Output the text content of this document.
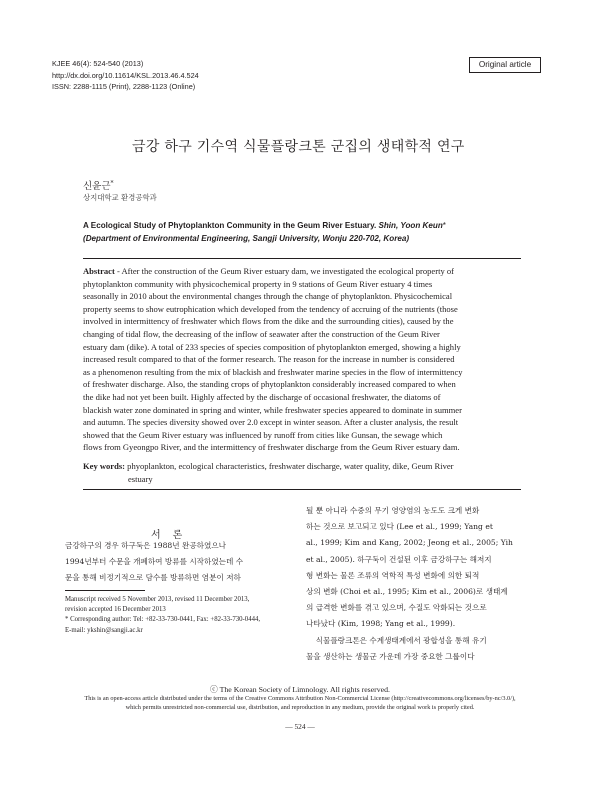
KJEE 46(4): 524-540 (2013)
http://dx.doi.org/10.11614/KSL.2013.46.4.524
ISSN: 2288-1115 (Print), 2288-1123 (Online)
Original article
금강 하구 기수역 식물플랑크톤 군집의 생태학적 연구
신윤근*
상지대학교 환경공학과
A Ecological Study of Phytoplankton Community in the Geum River Estuary. Shin, Yoon Keun*
(Department of Environmental Engineering, Sangji University, Wonju 220-702, Korea)
Abstract - After the construction of the Geum River estuary dam, we investigated the ecological property of
phytoplankton community with physicochemical property in 9 stations of Geum River estuary 4 times
seasonally in 2010 about the environmental changes through the change of phytoplankton. Physicochemical
property seems to show eutrophication which developed from the tendency of accruing of the nutrients (those
involved in intermittency of freshwater which flows from the dike and the surrounding cities), caused by the
changing of tidal flow, the decreasing of the inflow of seawater after the construction of the Geum River
estuary dam (dike). A total of 233 species of species composition of phytoplankton emerged, showing a highly
increased result compared to that of the former research. The reason for the increase in number is considered
as a phenomenon resulting from the mix of blackish and freshwater marine species in the flow of intermittency
of freshwater discharge. Also, the standing crops of phytoplankton considerably increased compared to when
the dike had not yet been built. Highly affected by the discharge of occasional freshwater, the diatoms of
blackish water zone dominated in spring and winter, while freshwater species appeared to dominate in summer
and autumn. The species diversity showed over 2.0 except in winter season. After a cluster analysis, the result
showed that the Geum River estuary was influenced by runoff from cities like Gunsan, the sewage which
flows from Gyeongpo River, and the intermittency of freshwater discharge from the Geum River estuary dam.
Key words: phyoplankton, ecological characteristics, freshwater discharge, water quality, dike, Geum River
estuary
서론
금강하구의 경우 하구둑은 1988년 완공하였으나
1994년부터 수문을 개폐하여 방류를 시작하였는데 수
문을 통해 비정기적으로 담수를 방류하면 염분이 저하
Manuscript received 5 November 2013, revised 11 December 2013,
revision accepted 16 December 2013
* Corresponding author: Tel: +82-33-730-0441, Fax: +82-33-730-0444,
E-mail: ykshin@sangji.ac.kr
될 뿐 아니라 수중의 무기 영양염의 농도도 크게 변화
하는 것으로 보고되고 있다 (Lee et al., 1999; Yang et
al., 1999; Kim and Kang, 2002; Jeong et al., 2005; Yih
et al., 2005). 하구둑이 건설된 이후 금강하구는 해저지
형 변화는 물론 조류의 역학적 특성 변화에 의한 퇴적
상의 변화 (Choi et al., 1995; Kim et al., 2006)로 생태계
의 급격한 변화를 겪고 있으며, 수질도 악화되는 것으로
나타났다 (Kim, 1998; Yang et al., 1999).
식물플랑크톤은 수계생태계에서 광합성을 통해 유기
물을 생산하는 생물군 가운데 가장 중요한 그룹이다
ⓒ The Korean Society of Limnology. All rights reserved.
This is an open-access article distributed under the terms of the Creative Commons Attribution Non-Commercial License (http://creativecommons.org/licenses/by-nc/3.0/),
which permits unrestricted non-commercial use, distribution, and reproduction in any medium, provide the original work is properly cited.
— 524 —
